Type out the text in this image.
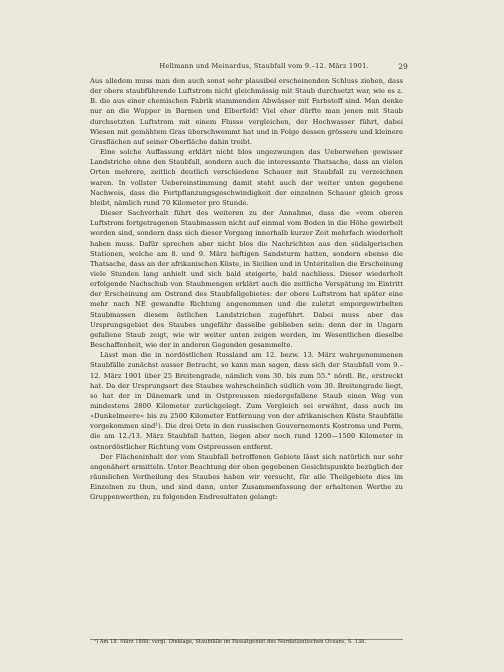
Hellmann und Meinardus, Staubfall vom 9.–12. März 1901.	29

Aus alledem muss man den auch sonst sehr plausibel erscheinenden Schluss ziehen, dass der obere staubführende Luftstrom nicht gleichmässig mit Staub durchsetzt war, wie es z. B. die aus einer chemischen Fabrik stammenden Abwässer mit Farbstoff sind. Man denke nur an die Wupper in Barmen und Elberfeld! Viel eher dürfte man jenen mit Staub durchsetzten Luftstrom mit einem Flusse vergleichen, der Hochwasser führt, dabei Wiesen mit gemähtem Gras überschwemmt hat und in Folge dessen grössere und kleinere Grasflächen auf seiner Oberfläche dahin treibt.

Eine solche Auffassung erklärt nicht blos ungezwungen das Ueberwehen gewisser Landstriche ohne den Staubfall, sondern auch die interessante Thatsache, dass an vielen Orten mehrere, zeitlich deutlich verschiedene Schauer mit Staubfall zu verzeichnen waren. In vollster Uebereinstimmung damit steht auch der weiter unten gegebene Nachweis, dass die Fortpflanzungsgeschwindigkeit der einzelnen Schauer gleich gross bleibt, nämlich rund 70 Kilometer pro Stunde.

Dieser Sachverhalt führt des weiteren zu der Annahme, dass die »vom oberen Luftstrom fortgetragenen Staubmassen nicht auf einmal vom Boden in die Höhe gewirbelt worden sind, sondern dass sich dieser Vorgang innerhalb kurzer Zeit mehrfach wiederholt haben muss. Dafür sprechen aber nicht blos die Nachrichten aus den südalgerischen Stationen, welche am 8. und 9. März heftigen Sandsturm hatten, sondern ebenso die Thatsache, dass an der afrikanischen Küste, in Sicilien und in Unteritalien die Erscheinung viele Stunden lang anhielt und sich bald steigerte, bald nachliess. Dieser wiederholt erfolgende Nachschub von Staubmengen erklärt auch die zeitliche Verspätung im Eintritt der Erscheinung am Ostrand des Staubfallgebietes: der obere Luftstrom hat später eine mehr nach NE gewandte Richtung angenommen und die zuletzt emporgewirbelten Staubmassen diesem östlichen Landstrichen zugeführt. Dabei muss aber das Ursprungsgebiet des Staubes ungefähr dasselbe geblieben sein: denn der in Ungarn gefallene Staub zeigt, wie wir weiter unten zeigen werden, im Wesentlichen dieselbe Beschaffenheit, wie der in anderen Gegenden gesammelte.

Lässt man die in nordöstlichen Russland am 12. bezw. 13. März wahrgenommenen Staubfälle zunächst ausser Betracht, so kann man sagen, dass sich der Staubfall vom 9.–12. März 1901 über 25 Breitengrade, nämlich vom 30. bis zum 55.° nördl. Br., erstreckt hat. Da der Ursprungsort des Staubes wahrscheinlich südlich vom 30. Breitengrade liegt, so hat der in Dänemark und in Ostpreussen niedergefallene Staub einen Weg von mindestens 2800 Kilometer zurückgelegt. Zum Vergleich sei erwähnt, dass auch im »Dunkelmeere« bis zu 2500 Kilometer Entfernung von der afrikanischen Küste Staubfälle vorgekommen sind¹). Die drei Orte in den russischen Gouvernements Kostroma und Perm, die am 12./13. März Staubfall hatten, liegen aber noch rund 1200—1500 Kilometer in ostnordöstlicher Richtung vom Ostpreussen entfernt.

Der Flächeninhalt der vom Staubfall betroffenen Gebiete lässt sich natürlich nur sehr angenähert ermitteln. Unter Beachtung der oben gegebenen Gesichtspunkte bezüglich der räumlichen Vertheilung des Staubes haben wir versucht, für alle Theilgebiete dies im Einzelnen zu thun, und sind dann, unter Zusammenfassung der erhaltenen Werthe zu Gruppenwerthen, zu folgenden Endresultaten gelangt:

¹) Am 18. März 1888; vergl. Dinklage, Staubfälle im Passatgebiet des Nordatlantischen Oceans, S. 138.
